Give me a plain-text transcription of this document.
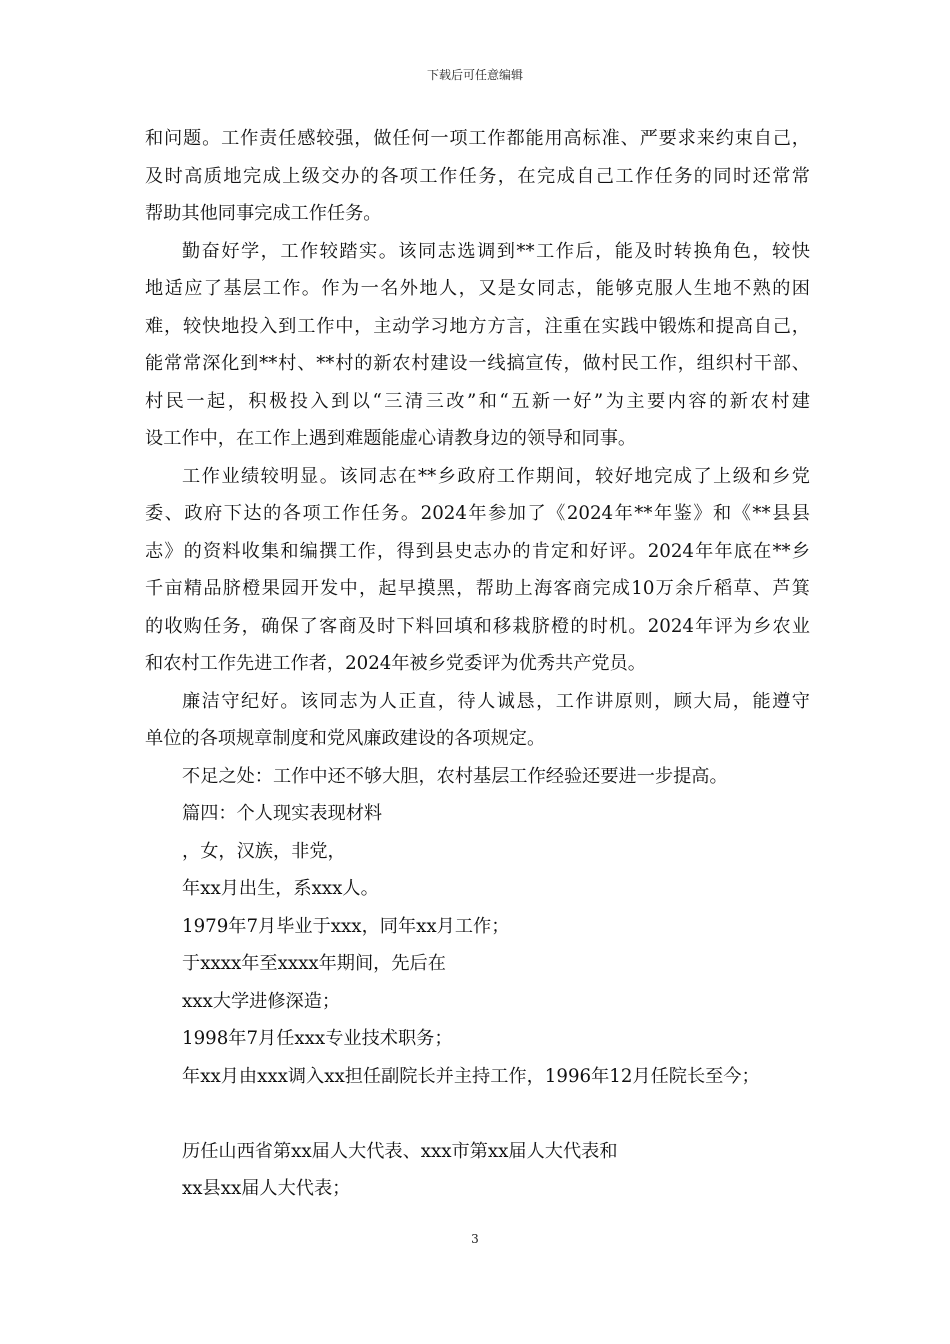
下载后可任意编辑
和问题。工作责任感较强，做任何一项工作都能用高标准、严要求来约束自己，
及时高质地完成上级交办的各项工作任务，在完成自己工作任务的同时还常常
帮助其他同事完成工作任务。
勤奋好学，工作较踏实。该同志选调到**工作后，能及时转换角色，较快
地适应了基层工作。作为一名外地人，又是女同志，能够克服人生地不熟的困
难，较快地投入到工作中，主动学习地方方言，注重在实践中锻炼和提高自己，
能常常深化到**村、**村的新农村建设一线搞宣传，做村民工作，组织村干部、
村民一起，积极投入到以“三清三改”和“五新一好”为主要内容的新农村建
设工作中，在工作上遇到难题能虚心请教身边的领导和同事。
工作业绩较明显。该同志在**乡政府工作期间，较好地完成了上级和乡党
委、政府下达的各项工作任务。2024年参加了《2024年**年鉴》和《**县县
志》的资料收集和编撰工作，得到县史志办的肯定和好评。2024年年底在**乡
千亩精品脐橙果园开发中，起早摸黑，帮助上海客商完成10万余斤稻草、芦箕
的收购任务，确保了客商及时下料回填和移栽脐橙的时机。2024年评为乡农业
和农村工作先进工作者，2024年被乡党委评为优秀共产党员。
廉洁守纪好。该同志为人正直，待人诚恳，工作讲原则，顾大局，能遵守
单位的各项规章制度和党风廉政建设的各项规定。
不足之处：工作中还不够大胆，农村基层工作经验还要进一步提高。
篇四：个人现实表现材料
，女，汉族，非党，
年xx月出生，系xxx人。
1979年7月毕业于xxx，同年xx月工作；
于xxxx年至xxxx年期间，先后在
xxx大学进修深造；
1998年7月任xxx专业技术职务；
年xx月由xxx调入xx担任副院长并主持工作，1996年12月任院长至今；
历任山西省第xx届人大代表、xxx市第xx届人大代表和
xx县xx届人大代表；
3
